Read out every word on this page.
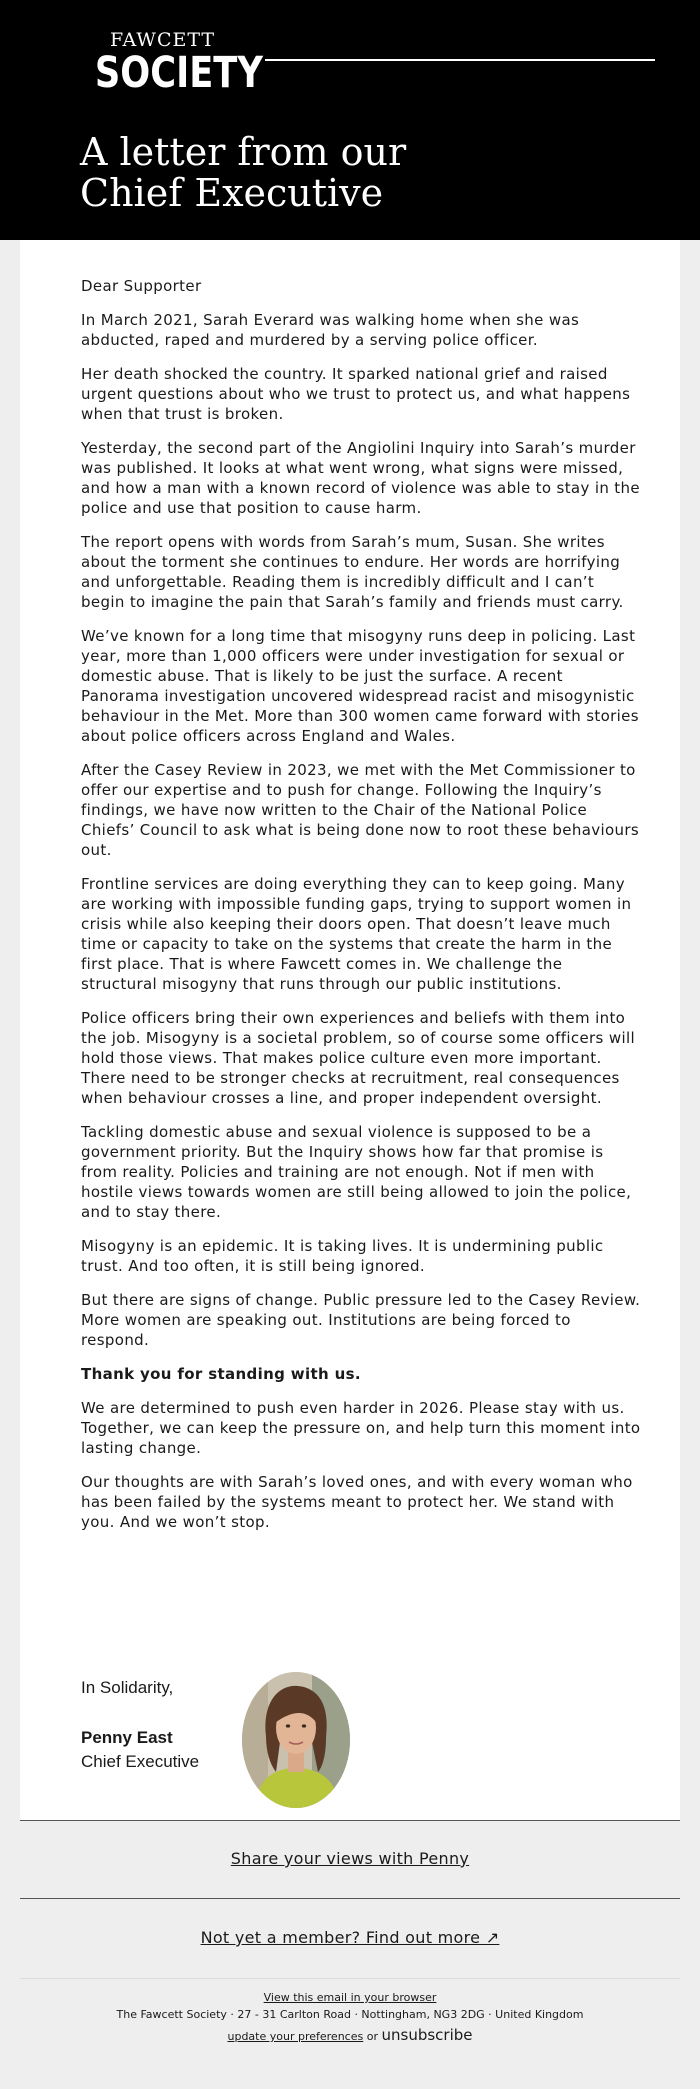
FAWCETT
SOCIETY
A letter from our
Chief Executive

Dear Supporter

In March 2021, Sarah Everard was walking home when she was abducted, raped and murdered by a serving police officer.

Her death shocked the country. It sparked national grief and raised urgent questions about who we trust to protect us, and what happens when that trust is broken.

Yesterday, the second part of the Angiolini Inquiry into Sarah’s murder was published. It looks at what went wrong, what signs were missed, and how a man with a known record of violence was able to stay in the police and use that position to cause harm.

The report opens with words from Sarah’s mum, Susan. She writes about the torment she continues to endure. Her words are horrifying and unforgettable. Reading them is incredibly difficult and I can’t begin to imagine the pain that Sarah’s family and friends must carry.

We’ve known for a long time that misogyny runs deep in policing. Last year, more than 1,000 officers were under investigation for sexual or domestic abuse. That is likely to be just the surface. A recent Panorama investigation uncovered widespread racist and misogynistic behaviour in the Met. More than 300 women came forward with stories about police officers across England and Wales.

After the Casey Review in 2023, we met with the Met Commissioner to offer our expertise and to push for change. Following the Inquiry’s findings, we have now written to the Chair of the National Police Chiefs’ Council to ask what is being done now to root these behaviours out.

Frontline services are doing everything they can to keep going. Many are working with impossible funding gaps, trying to support women in crisis while also keeping their doors open. That doesn’t leave much time or capacity to take on the systems that create the harm in the first place. That is where Fawcett comes in. We challenge the structural misogyny that runs through our public institutions.

Police officers bring their own experiences and beliefs with them into the job. Misogyny is a societal problem, so of course some officers will hold those views. That makes police culture even more important. There need to be stronger checks at recruitment, real consequences when behaviour crosses a line, and proper independent oversight.

Tackling domestic abuse and sexual violence is supposed to be a government priority. But the Inquiry shows how far that promise is from reality. Policies and training are not enough. Not if men with hostile views towards women are still being allowed to join the police, and to stay there.

Misogyny is an epidemic. It is taking lives. It is undermining public trust. And too often, it is still being ignored.

But there are signs of change. Public pressure led to the Casey Review. More women are speaking out. Institutions are being forced to respond.

Thank you for standing with us.

We are determined to push even harder in 2026. Please stay with us. Together, we can keep the pressure on, and help turn this moment into lasting change.

Our thoughts are with Sarah’s loved ones, and with every woman who has been failed by the systems meant to protect her. We stand with you. And we won’t stop.

In Solidarity,
Penny East
Chief Executive
Share your views with Penny
Not yet a member? Find out more ↗
View this email in your browser
The Fawcett Society · 27 - 31 Carlton Road · Nottingham, NG3 2DG · United Kingdom
update your preferences or unsubscribe
